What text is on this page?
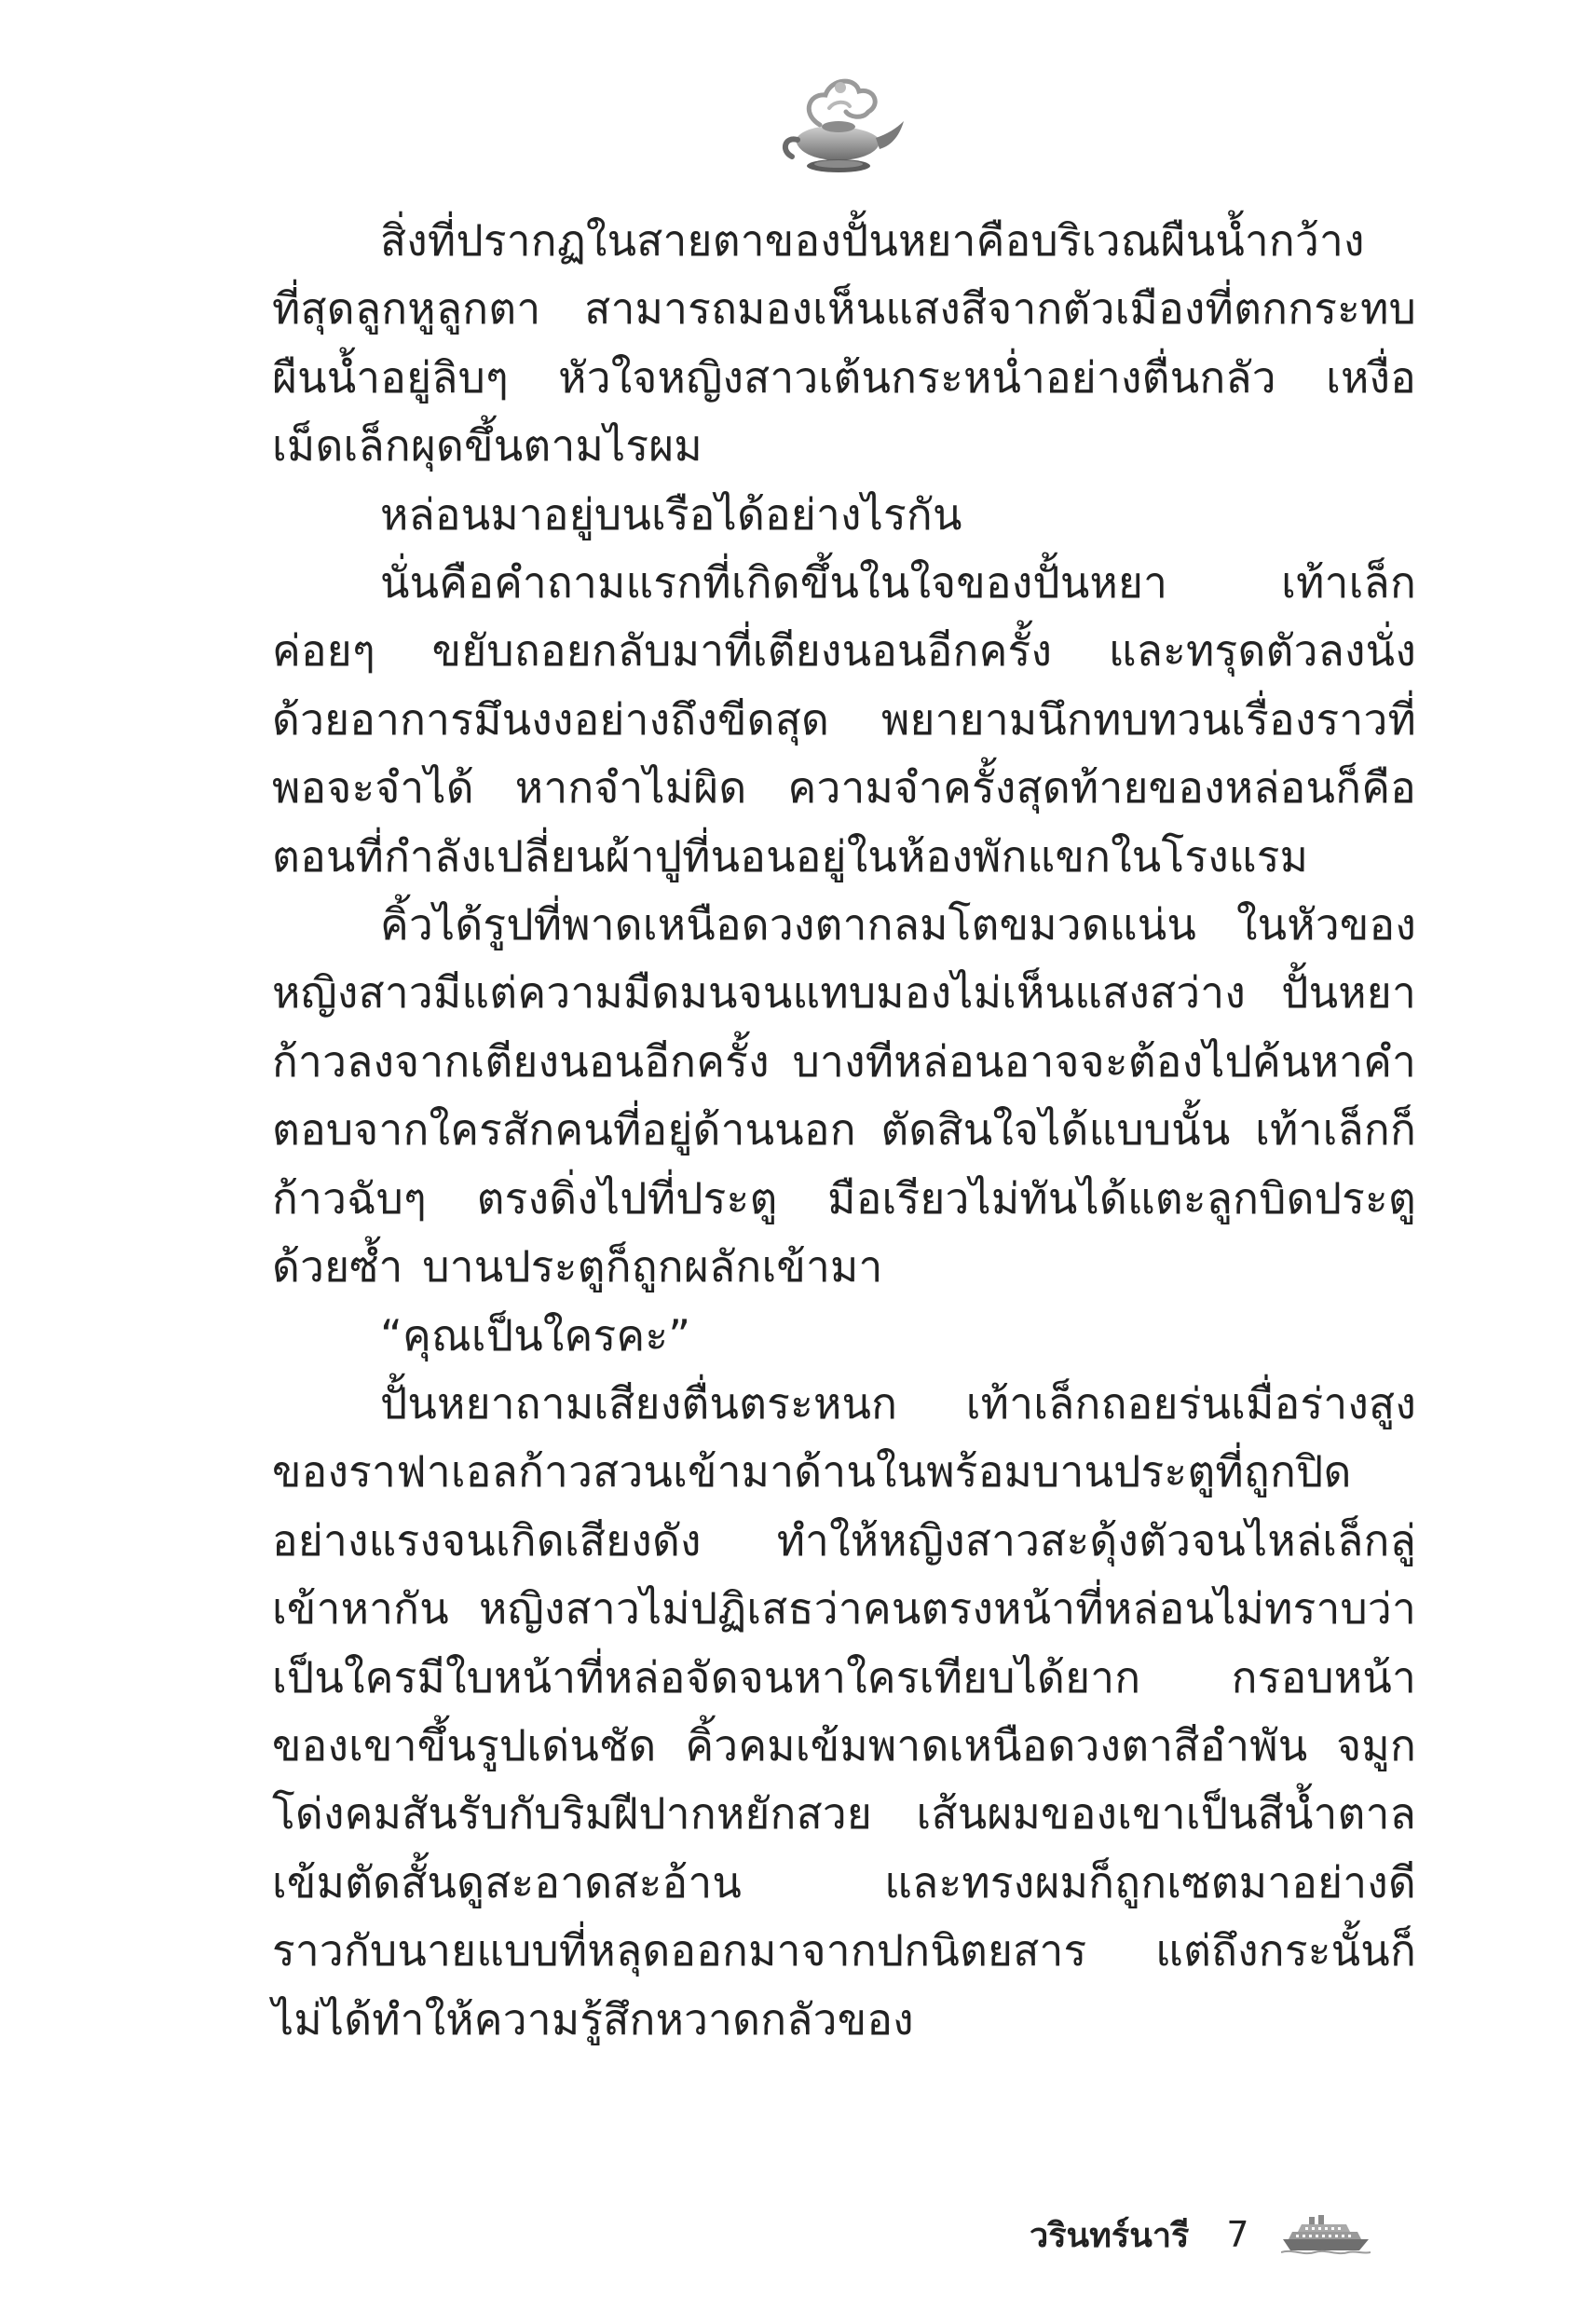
สิ่งที่ปรากฏในสายตาของปั้นหยาคือบริเวณผืนน้ำกว้างที่สุดลูกหูลูกตา สามารถมองเห็นแสงสีจากตัวเมืองที่ตกกระทบผืนน้ำอยู่ลิบๆ หัวใจหญิงสาวเต้นกระหน่ำอย่างตื่นกลัว เหงื่อเม็ดเล็กผุดขึ้นตามไรผม

หล่อนมาอยู่บนเรือได้อย่างไรกัน

นั่นคือคำถามแรกที่เกิดขึ้นในใจของปั้นหยา เท้าเล็กค่อยๆ ขยับถอยกลับมาที่เตียงนอนอีกครั้ง และทรุดตัวลงนั่งด้วยอาการมึนงงอย่างถึงขีดสุด พยายามนึกทบทวนเรื่องราวที่พอจะจำได้ หากจำไม่ผิด ความจำครั้งสุดท้ายของหล่อนก็คือตอนที่กำลังเปลี่ยนผ้าปูที่นอนอยู่ในห้องพักแขกในโรงแรม

คิ้วได้รูปที่พาดเหนือดวงตากลมโตขมวดแน่น ในหัวของหญิงสาวมีแต่ความมืดมนจนแทบมองไม่เห็นแสงสว่าง ปั้นหยาก้าวลงจากเตียงนอนอีกครั้ง บางทีหล่อนอาจจะต้องไปค้นหาคำตอบจากใครสักคนที่อยู่ด้านนอก ตัดสินใจได้แบบนั้น เท้าเล็กก็ก้าวฉับๆ ตรงดิ่งไปที่ประตู มือเรียวไม่ทันได้แตะลูกบิดประตูด้วยซ้ำ บานประตูก็ถูกผลักเข้ามา

“คุณเป็นใครคะ”

ปั้นหยาถามเสียงตื่นตระหนก เท้าเล็กถอยร่นเมื่อร่างสูงของราฟาเอลก้าวสวนเข้ามาด้านในพร้อมบานประตูที่ถูกปิดอย่างแรงจนเกิดเสียงดัง ทำให้หญิงสาวสะดุ้งตัวจนไหล่เล็กลู่เข้าหากัน หญิงสาวไม่ปฏิเสธว่าคนตรงหน้าที่หล่อนไม่ทราบว่าเป็นใครมีใบหน้าที่หล่อจัดจนหาใครเทียบได้ยาก กรอบหน้าของเขาขึ้นรูปเด่นชัด คิ้วคมเข้มพาดเหนือดวงตาสีอำพัน จมูกโด่งคมสันรับกับริมฝีปากหยักสวย เส้นผมของเขาเป็นสีน้ำตาลเข้มตัดสั้นดูสะอาดสะอ้าน และทรงผมก็ถูกเซตมาอย่างดีราวกับนายแบบที่หลุดออกมาจากปกนิตยสาร แต่ถึงกระนั้นก็ไม่ได้ทำให้ความรู้สึกหวาดกลัวของ

วรินทร์นารี 7
